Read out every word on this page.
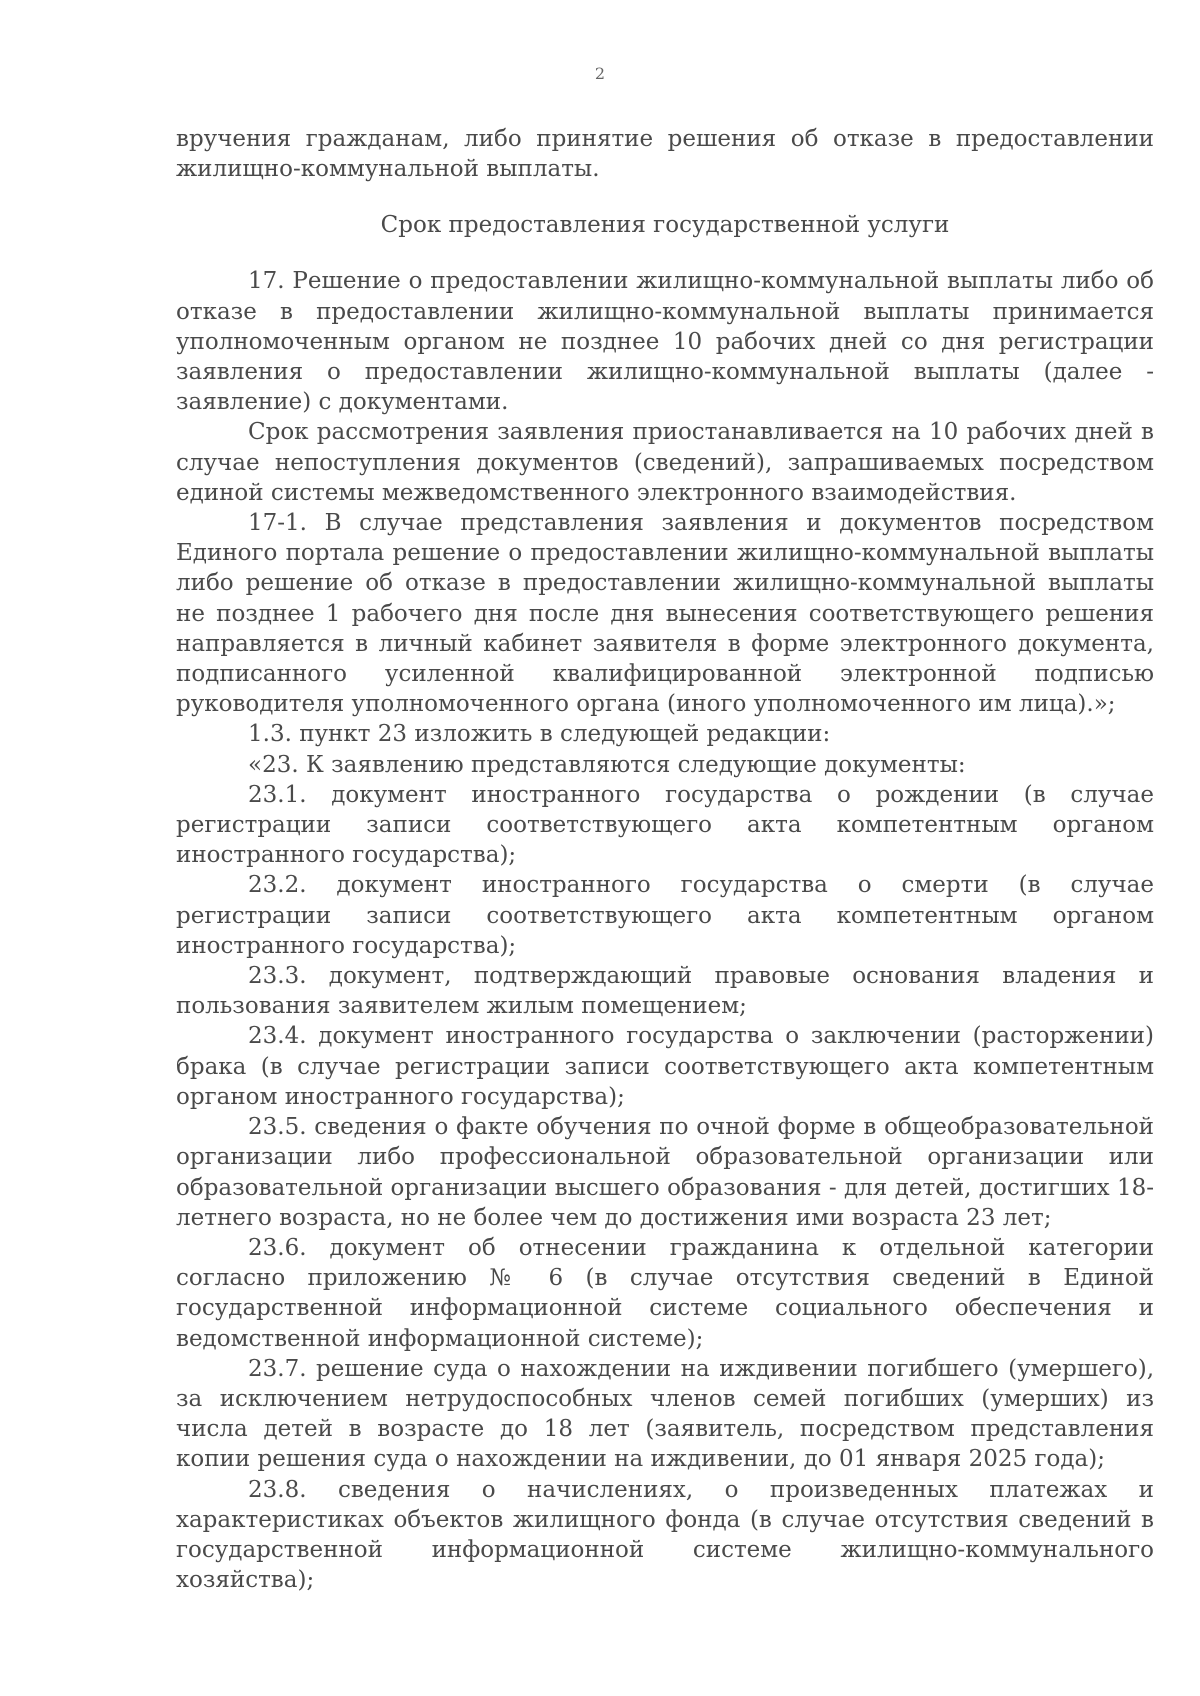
2

вручения гражданам, либо принятие решения об отказе в предоставлении жилищно-коммунальной выплаты.

Срок предоставления государственной услуги

17. Решение о предоставлении жилищно-коммунальной выплаты либо об отказе в предоставлении жилищно-коммунальной выплаты принимается уполномоченным органом не позднее 10 рабочих дней со дня регистрации заявления о предоставлении жилищно-коммунальной выплаты (далее - заявление) с документами.

Срок рассмотрения заявления приостанавливается на 10 рабочих дней в случае непоступления документов (сведений), запрашиваемых посредством единой системы межведомственного электронного взаимодействия.

17-1. В случае представления заявления и документов посредством Единого портала решение о предоставлении жилищно-коммунальной выплаты либо решение об отказе в предоставлении жилищно-коммунальной выплаты не позднее 1 рабочего дня после дня вынесения соответствующего решения направляется в личный кабинет заявителя в форме электронного документа, подписанного усиленной квалифицированной электронной подписью руководителя уполномоченного органа (иного уполномоченного им лица).»;

1.3. пункт 23 изложить в следующей редакции:

«23. К заявлению представляются следующие документы:

23.1. документ иностранного государства о рождении (в случае регистрации записи соответствующего акта компетентным органом иностранного государства);

23.2. документ иностранного государства о смерти (в случае регистрации записи соответствующего акта компетентным органом иностранного государства);

23.3. документ, подтверждающий правовые основания владения и пользования заявителем жилым помещением;

23.4. документ иностранного государства о заключении (расторжении) брака (в случае регистрации записи соответствующего акта компетентным органом иностранного государства);

23.5. сведения о факте обучения по очной форме в общеобразовательной организации либо профессиональной образовательной организации или образовательной организации высшего образования - для детей, достигших 18-летнего возраста, но не более чем до достижения ими возраста 23 лет;

23.6. документ об отнесении гражданина к отдельной категории согласно приложению № 6 (в случае отсутствия сведений в Единой государственной информационной системе социального обеспечения и ведомственной информационной системе);

23.7. решение суда о нахождении на иждивении погибшего (умершего), за исключением нетрудоспособных членов семей погибших (умерших) из числа детей в возрасте до 18 лет (заявитель, посредством представления копии решения суда о нахождении на иждивении, до 01 января 2025 года);

23.8. сведения о начислениях, о произведенных платежах и характеристиках объектов жилищного фонда (в случае отсутствия сведений в государственной информационной системе жилищно-коммунального хозяйства);
